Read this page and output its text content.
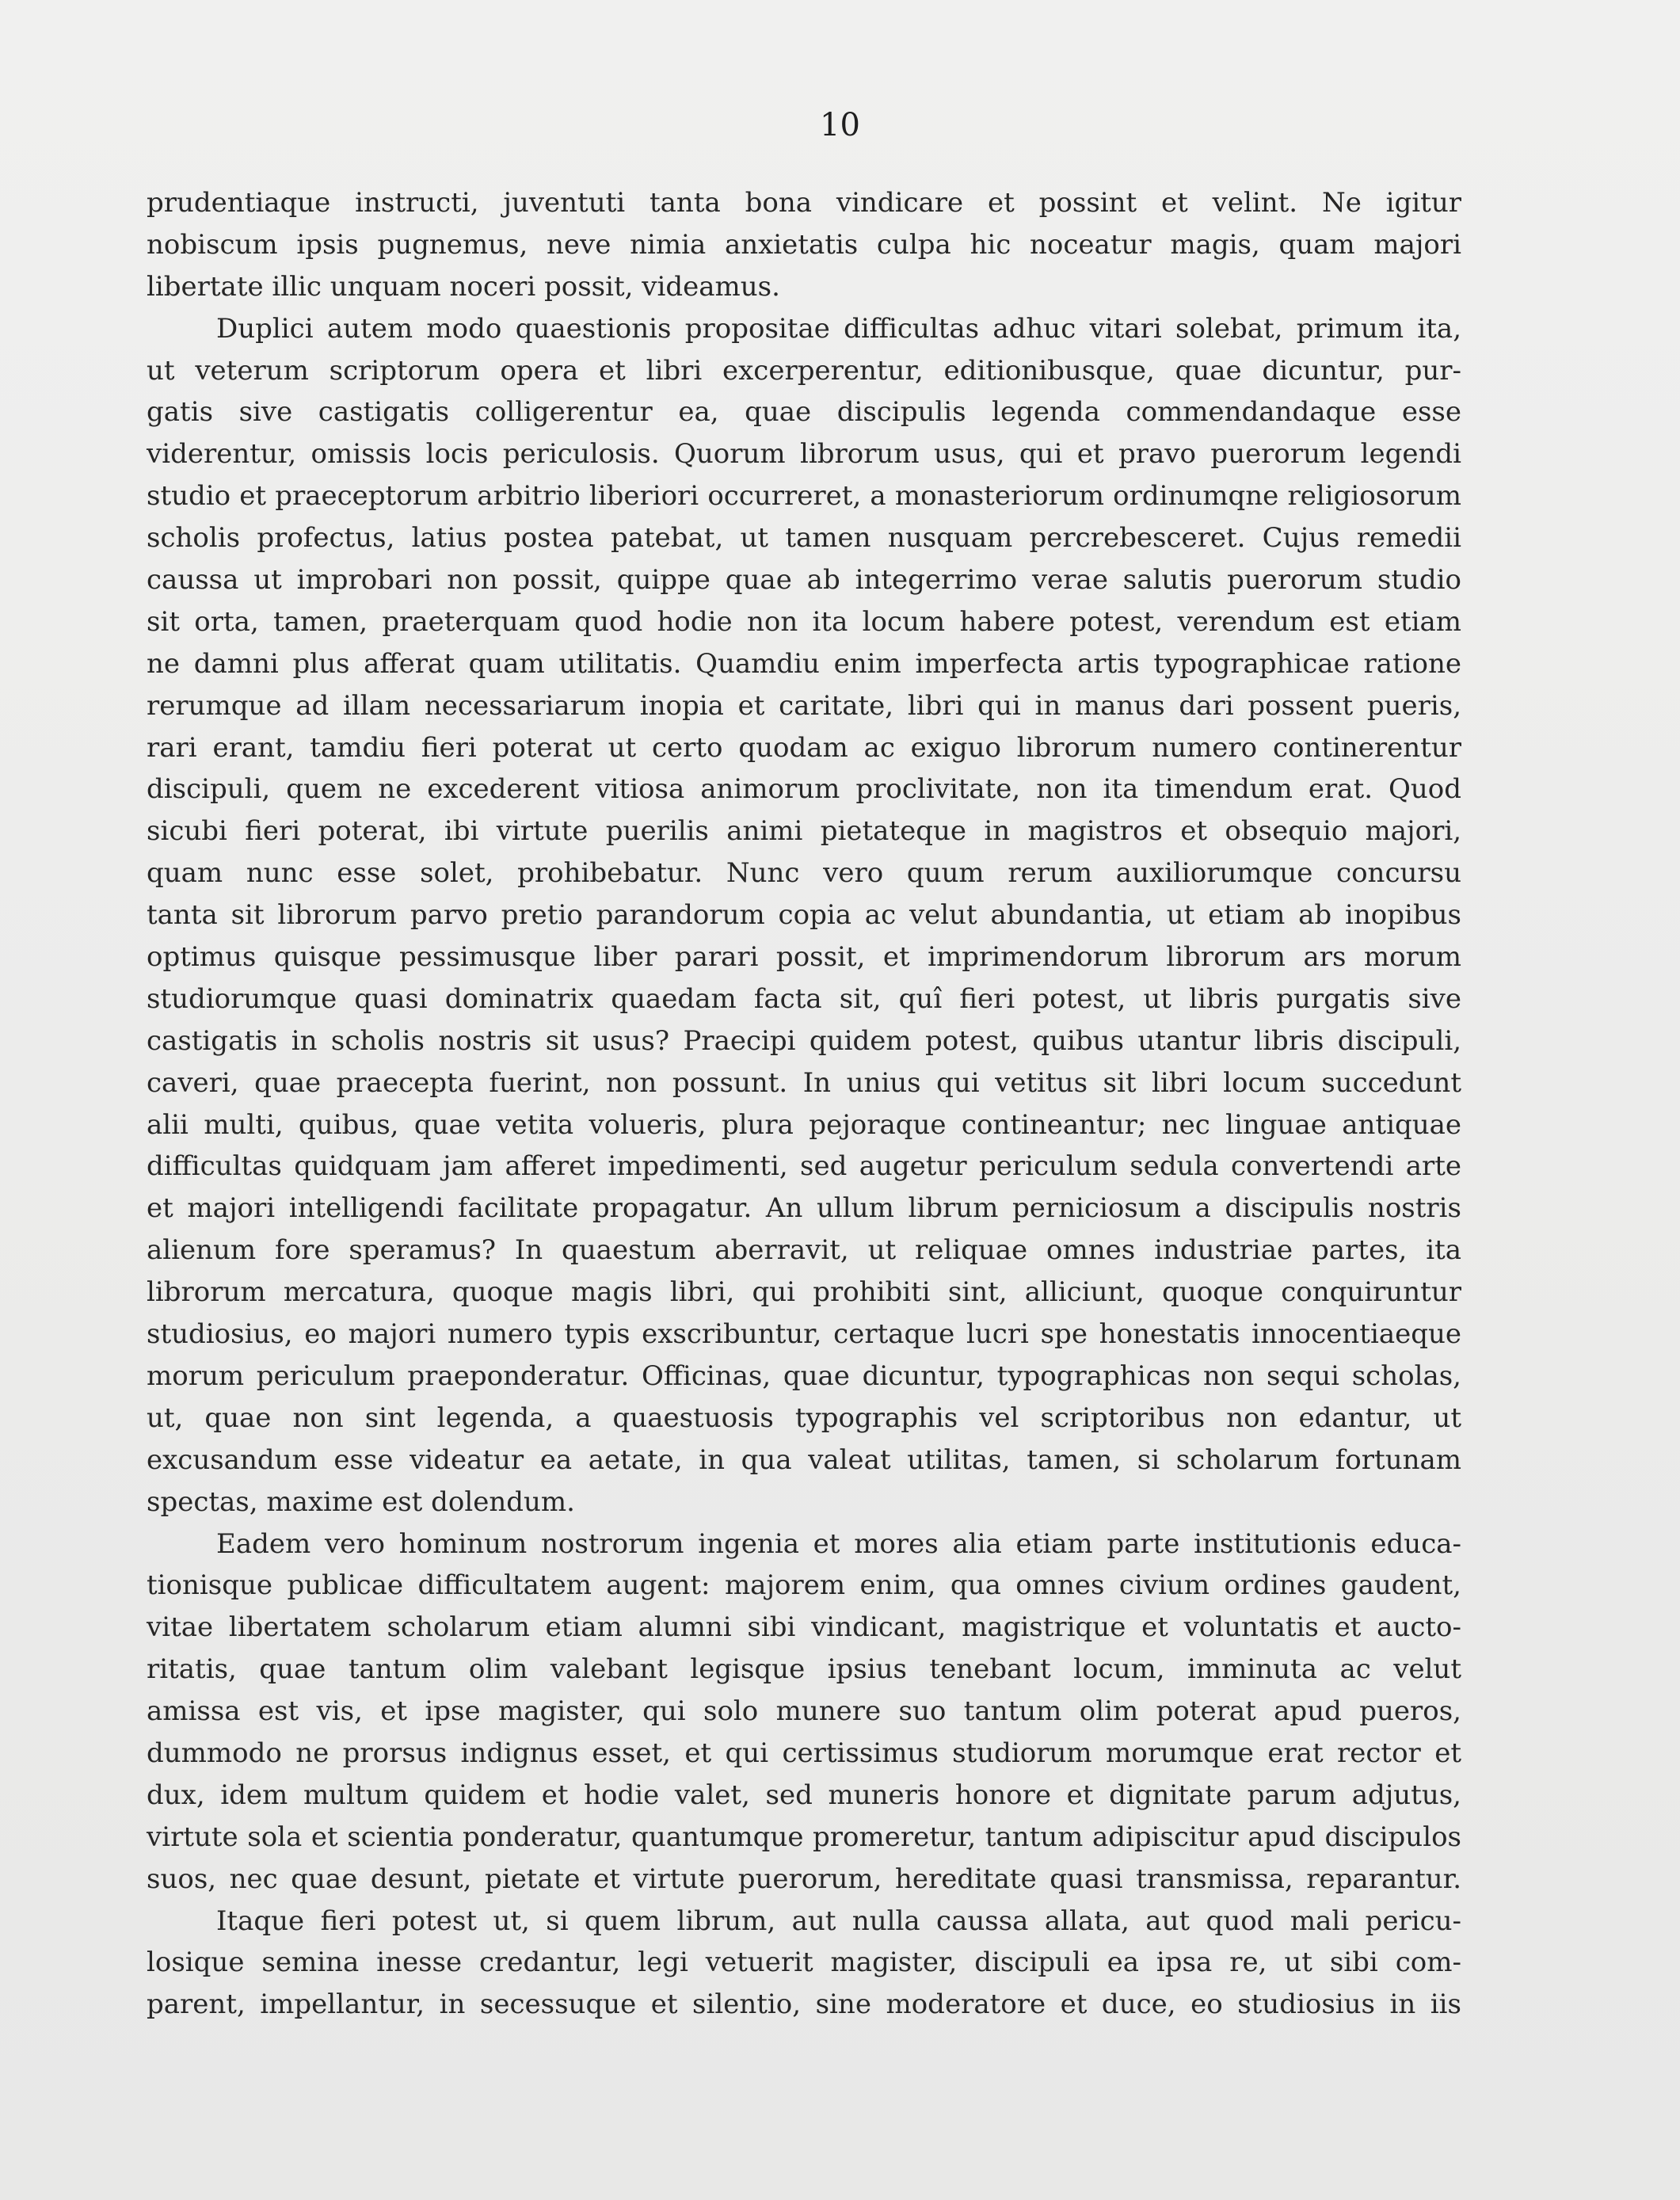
10
prudentiaque instructi, juventuti tanta bona vindicare et possint et velint. Ne igitur
nobiscum ipsis pugnemus, neve nimia anxietatis culpa hic noceatur magis, quam majori
libertate illic unquam noceri possit, videamus.
Duplici autem modo quaestionis propositae difficultas adhuc vitari solebat, primum ita,
ut veterum scriptorum opera et libri excerperentur, editionibusque, quae dicuntur, pur-
gatis sive castigatis colligerentur ea, quae discipulis legenda commendandaque esse
viderentur, omissis locis periculosis. Quorum librorum usus, qui et pravo puerorum legendi
studio et praeceptorum arbitrio liberiori occurreret, a monasteriorum ordinumqne religiosorum
scholis profectus, latius postea patebat, ut tamen nusquam percrebesceret. Cujus remedii
caussa ut improbari non possit, quippe quae ab integerrimo verae salutis puerorum studio
sit orta, tamen, praeterquam quod hodie non ita locum habere potest, verendum est etiam
ne damni plus afferat quam utilitatis. Quamdiu enim imperfecta artis typographicae ratione
rerumque ad illam necessariarum inopia et caritate, libri qui in manus dari possent pueris,
rari erant, tamdiu fieri poterat ut certo quodam ac exiguo librorum numero continerentur
discipuli, quem ne excederent vitiosa animorum proclivitate, non ita timendum erat. Quod
sicubi fieri poterat, ibi virtute puerilis animi pietateque in magistros et obsequio majori,
quam nunc esse solet, prohibebatur. Nunc vero quum rerum auxiliorumque concursu
tanta sit librorum parvo pretio parandorum copia ac velut abundantia, ut etiam ab inopibus
optimus quisque pessimusque liber parari possit, et imprimendorum librorum ars morum
studiorumque quasi dominatrix quaedam facta sit, quî fieri potest, ut libris purgatis sive
castigatis in scholis nostris sit usus? Praecipi quidem potest, quibus utantur libris discipuli,
caveri, quae praecepta fuerint, non possunt. In unius qui vetitus sit libri locum succedunt
alii multi, quibus, quae vetita volueris, plura pejoraque contineantur; nec linguae antiquae
difficultas quidquam jam afferet impedimenti, sed augetur periculum sedula convertendi arte
et majori intelligendi facilitate propagatur. An ullum librum perniciosum a discipulis nostris
alienum fore speramus? In quaestum aberravit, ut reliquae omnes industriae partes, ita
librorum mercatura, quoque magis libri, qui prohibiti sint, alliciunt, quoque conquiruntur
studiosius, eo majori numero typis exscribuntur, certaque lucri spe honestatis innocentiaeque
morum periculum praeponderatur. Officinas, quae dicuntur, typographicas non sequi scholas,
ut, quae non sint legenda, a quaestuosis typographis vel scriptoribus non edantur, ut
excusandum esse videatur ea aetate, in qua valeat utilitas, tamen, si scholarum fortunam
spectas, maxime est dolendum.
Eadem vero hominum nostrorum ingenia et mores alia etiam parte institutionis educa-
tionisque publicae difficultatem augent: majorem enim, qua omnes civium ordines gaudent,
vitae libertatem scholarum etiam alumni sibi vindicant, magistrique et voluntatis et aucto-
ritatis, quae tantum olim valebant legisque ipsius tenebant locum, imminuta ac velut
amissa est vis, et ipse magister, qui solo munere suo tantum olim poterat apud pueros,
dummodo ne prorsus indignus esset, et qui certissimus studiorum morumque erat rector et
dux, idem multum quidem et hodie valet, sed muneris honore et dignitate parum adjutus,
virtute sola et scientia ponderatur, quantumque promeretur, tantum adipiscitur apud discipulos
suos, nec quae desunt, pietate et virtute puerorum, hereditate quasi transmissa, reparantur.
Itaque fieri potest ut, si quem librum, aut nulla caussa allata, aut quod mali pericu-
losique semina inesse credantur, legi vetuerit magister, discipuli ea ipsa re, ut sibi com-
parent, impellantur, in secessuque et silentio, sine moderatore et duce, eo studiosius in iis
